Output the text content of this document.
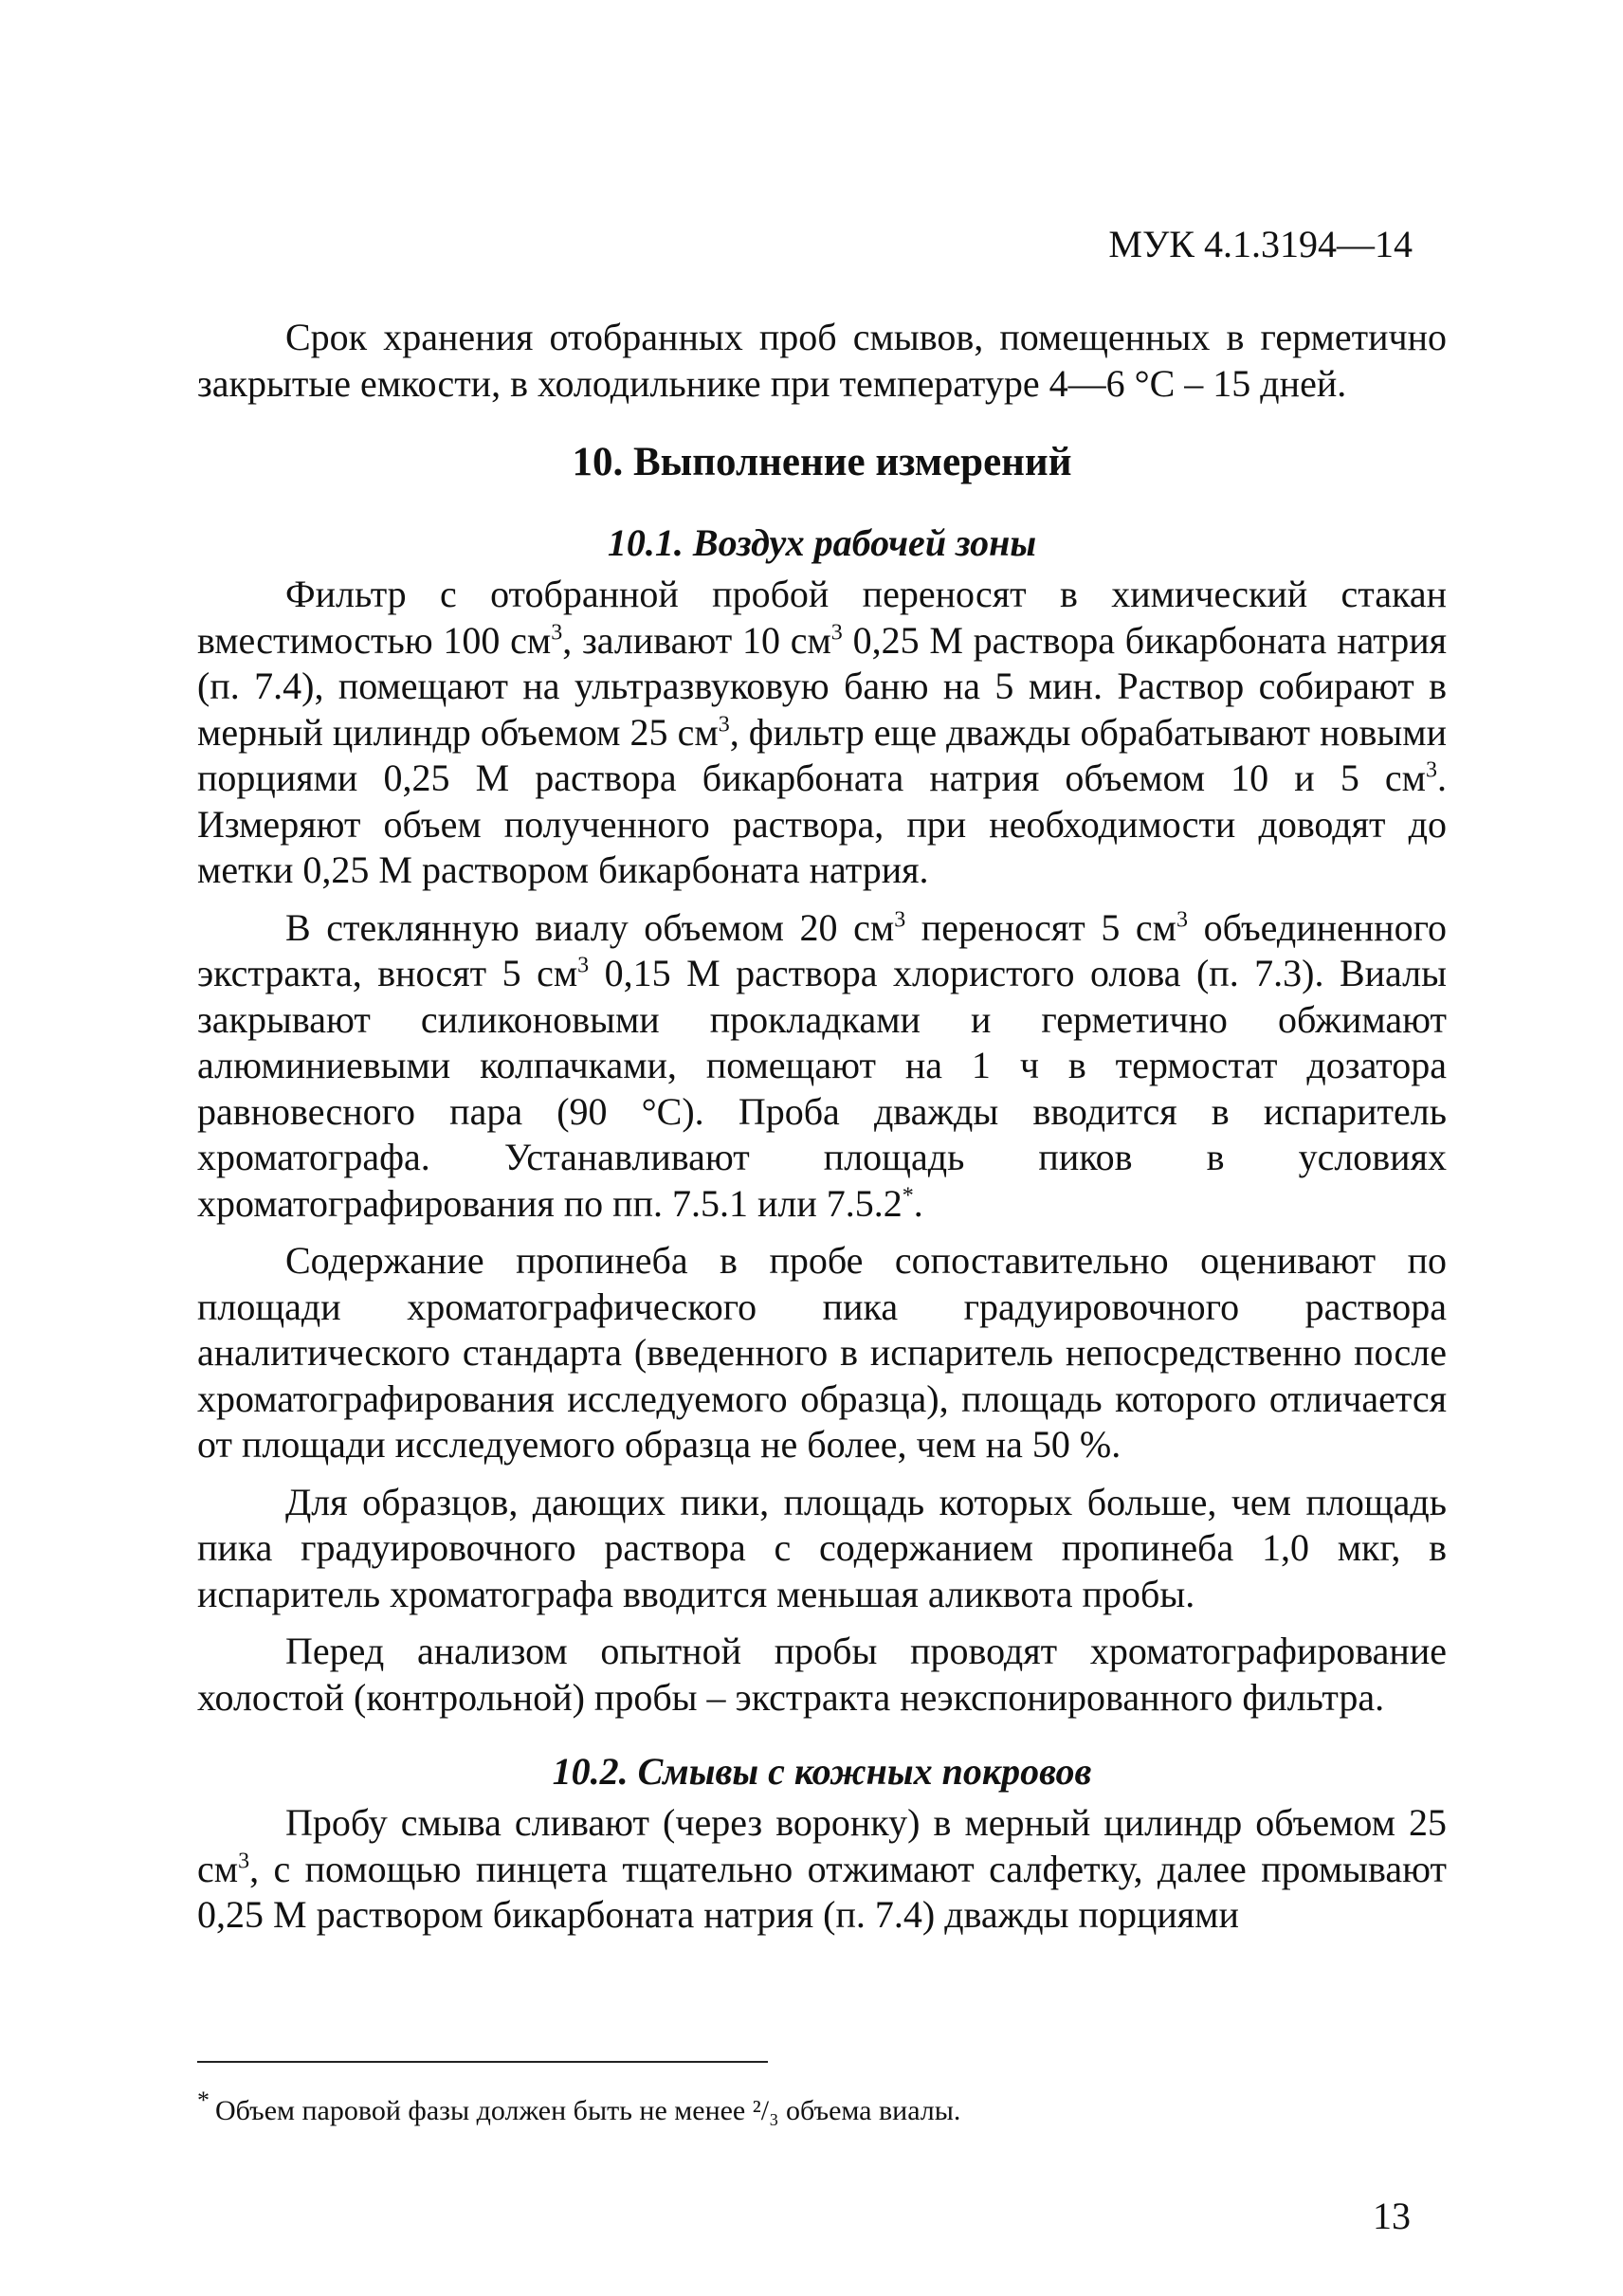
МУК 4.1.3194—14

Срок хранения отобранных проб смывов, помещенных в герметично закрытые емкости, в холодильнике при температуре 4—6 °С – 15 дней.

10. Выполнение измерений
10.1. Воздух рабочей зоны

Фильтр с отобранной пробой переносят в химический стакан вместимостью 100 $см^3$, заливают 10 $см^3$ 0,25 М раствора бикарбоната натрия (п. 7.4), помещают на ультразвуковую баню на 5 мин. Раствор собирают в мерный цилиндр объемом 25 $см^3$, фильтр еще дважды обрабатывают новыми порциями 0,25 М раствора бикарбоната натрия объемом 10 и 5 $см^3$. Измеряют объем полученного раствора, при необходимости доводят до метки 0,25 М раствором бикарбоната натрия.

В стеклянную виалу объемом 20 $см^3$ переносят 5 $см^3$ объединенного экстракта, вносят 5 $см^3$ 0,15 М раствора хлористого олова (п. 7.3). Виалы закрывают силиконовыми прокладками и герметично обжимают алюминиевыми колпачками, помещают на 1 ч в термостат дозатора равновесного пара (90 °С). Проба дважды вводится в испаритель хроматографа. Устанавливают площадь пиков в условиях хроматографирования по пп. 7.5.1 или 7.5.2*.

Содержание пропинеба в пробе сопоставительно оценивают по площади хроматографического пика градуировочного раствора аналитического стандарта (введенного в испаритель непосредственно после хроматографирования исследуемого образца), площадь которого отличается от площади исследуемого образца не более, чем на 50 %.

Для образцов, дающих пики, площадь которых больше, чем площадь пика градуировочного раствора с содержанием пропинеба 1,0 мкг, в испаритель хроматографа вводится меньшая аликвота пробы.

Перед анализом опытной пробы проводят хроматографирование холостой (контрольной) пробы – экстракта неэкспонированного фильтра.

10.2. Смывы с кожных покровов

Пробу смыва сливают (через воронку) в мерный цилиндр объемом 25 $см^3$, с помощью пинцета тщательно отжимают салфетку, далее промывают 0,25 М раствором бикарбоната натрия (п. 7.4) дважды порциями

* Объем паровой фазы должен быть не менее ²/₃ объема виалы.
13
